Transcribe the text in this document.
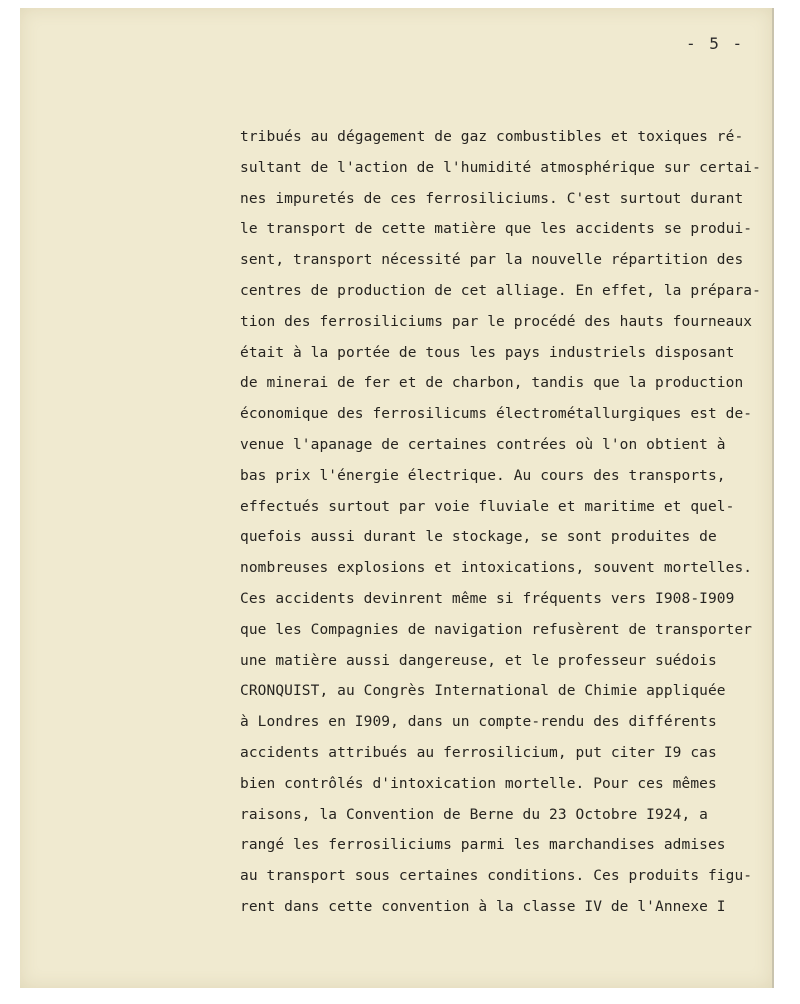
- 5 -
tribués au dégagement de gaz combustibles et toxiques ré-
sultant de l'action de l'humidité atmosphérique sur certai-
nes impuretés de ces ferrosiliciums. C'est surtout durant
le transport de cette matière que les accidents se produi-
sent, transport nécessité par la nouvelle répartition des
centres de production de cet alliage. En effet, la prépara-
tion des ferrosiliciums par le procédé des hauts fourneaux
était à la portée de tous les pays industriels disposant
de minerai de fer et de charbon, tandis que la production
économique des ferrosilicums électrométallurgiques est de-
venue l'apanage de certaines contrées où l'on obtient à
bas prix l'énergie électrique. Au cours des transports,
effectués surtout par voie fluviale et maritime et quel-
quefois aussi durant le stockage, se sont produites de
nombreuses explosions et intoxications, souvent mortelles.
Ces accidents devinrent même si fréquents vers I908-I909
que les Compagnies de navigation refusèrent de transporter
une matière aussi dangereuse, et le professeur suédois
CRONQUIST, au Congrès International de Chimie appliquée
à Londres en I909, dans un compte-rendu des différents
accidents attribués au ferrosilicium, put citer I9 cas
bien contrôlés d'intoxication mortelle. Pour ces mêmes
raisons, la Convention de Berne du 23 Octobre I924, a
rangé les ferrosiliciums parmi les marchandises admises
au transport sous certaines conditions. Ces produits figu-
rent dans cette convention à la classe IV de l'Annexe I
